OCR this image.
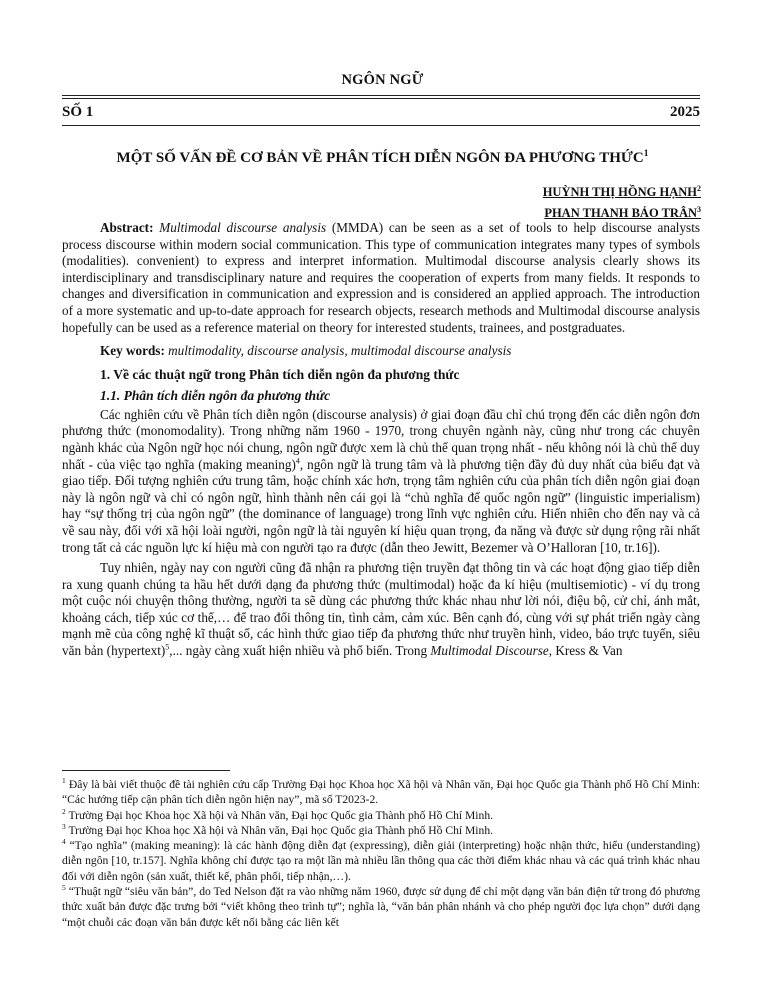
NGÔN NGỮ
SỐ 1	2025
MỘT SỐ VẤN ĐỀ CƠ BẢN VỀ PHÂN TÍCH DIỄN NGÔN ĐA PHƯƠNG THỨC$^1$
HUỲNH THỊ HỒNG HẠNH$^2$
PHAN THANH BẢO TRÂN$^3$

Abstract: Multimodal discourse analysis (MMDA) can be seen as a set of tools to help discourse analysts process discourse within modern social communication. This type of communication integrates many types of symbols (modalities). convenient) to express and interpret information. Multimodal discourse analysis clearly shows its interdisciplinary and transdisciplinary nature and requires the cooperation of experts from many fields. It responds to changes and diversification in communication and expression and is considered an applied approach. The introduction of a more systematic and up-to-date approach for research objects, research methods and Multimodal discourse analysis hopefully can be used as a reference material on theory for interested students, trainees, and postgraduates.

Key words: multimodality, discourse analysis, multimodal discourse analysis

1. Về các thuật ngữ trong Phân tích diễn ngôn đa phương thức
1.1. Phân tích diễn ngôn đa phương thức

Các nghiên cứu về Phân tích diễn ngôn (discourse analysis) ở giai đoạn đầu chỉ chú trọng đến các diễn ngôn đơn phương thức (monomodality). Trong những năm 1960 - 1970, trong chuyên ngành này, cũng như trong các chuyên ngành khác của Ngôn ngữ học nói chung, ngôn ngữ được xem là chủ thể quan trọng nhất - nếu không nói là chủ thể duy nhất - của việc tạo nghĩa (making meaning)$^4$, ngôn ngữ là trung tâm và là phương tiện đầy đủ duy nhất của biểu đạt và giao tiếp. Đối tượng nghiên cứu trung tâm, hoặc chính xác hơn, trọng tâm nghiên cứu của phân tích diễn ngôn giai đoạn này là ngôn ngữ và chỉ có ngôn ngữ, hình thành nên cái gọi là “chủ nghĩa đế quốc ngôn ngữ” (linguistic imperialism) hay “sự thống trị của ngôn ngữ” (the dominance of language) trong lĩnh vực nghiên cứu. Hiển nhiên cho đến nay và cả về sau này, đối với xã hội loài người, ngôn ngữ là tài nguyên kí hiệu quan trọng, đa năng và được sử dụng rộng rãi nhất trong tất cả các nguồn lực kí hiệu mà con người tạo ra được (dẫn theo Jewitt, Bezemer và O’Halloran [10, tr.16]).

Tuy nhiên, ngày nay con người cũng đã nhận ra phương tiện truyền đạt thông tin và các hoạt động giao tiếp diễn ra xung quanh chúng ta hầu hết dưới dạng đa phương thức (multimodal) hoặc đa kí hiệu (multisemiotic) - ví dụ trong một cuộc nói chuyện thông thường, người ta sẽ dùng các phương thức khác nhau như lời nói, điệu bộ, cử chỉ, ánh mắt, khoảng cách, tiếp xúc cơ thể,… để trao đổi thông tin, tình cảm, cảm xúc. Bên cạnh đó, cùng với sự phát triển ngày càng mạnh mẽ của công nghệ kĩ thuật số, các hình thức giao tiếp đa phương thức như truyền hình, video, báo trực tuyến, siêu văn bản (hypertext)$^5$,... ngày càng xuất hiện nhiều và phổ biến. Trong Multimodal Discourse, Kress & Van

$^1$ Đây là bài viết thuộc đề tài nghiên cứu cấp Trường Đại học Khoa học Xã hội và Nhân văn, Đại học Quốc gia Thành phố Hồ Chí Minh: “Các hướng tiếp cận phân tích diễn ngôn hiện nay”, mã số T2023-2.

$^2$ Trường Đại học Khoa học Xã hội và Nhân văn, Đại học Quốc gia Thành phố Hồ Chí Minh.

$^3$ Trường Đại học Khoa học Xã hội và Nhân văn, Đại học Quốc gia Thành phố Hồ Chí Minh.

$^4$ “Tạo nghĩa” (making meaning): là các hành động diễn đạt (expressing), diễn giải (interpreting) hoặc nhận thức, hiểu (understanding) diễn ngôn [10, tr.157]. Nghĩa không chỉ được tạo ra một lần mà nhiều lần thông qua các thời điểm khác nhau và các quá trình khác nhau đối với diễn ngôn (sản xuất, thiết kế, phân phối, tiếp nhận,…).

$^5$ “Thuật ngữ “siêu văn bản”, do Ted Nelson đặt ra vào những năm 1960, được sử dụng để chỉ một dạng văn bản điện tử trong đó phương thức xuất bản được đặc trưng bởi “viết không theo trình tự”; nghĩa là, “văn bản phân nhánh và cho phép người đọc lựa chọn” dưới dạng “một chuỗi các đoạn văn bản được kết nối bằng các liên kết
